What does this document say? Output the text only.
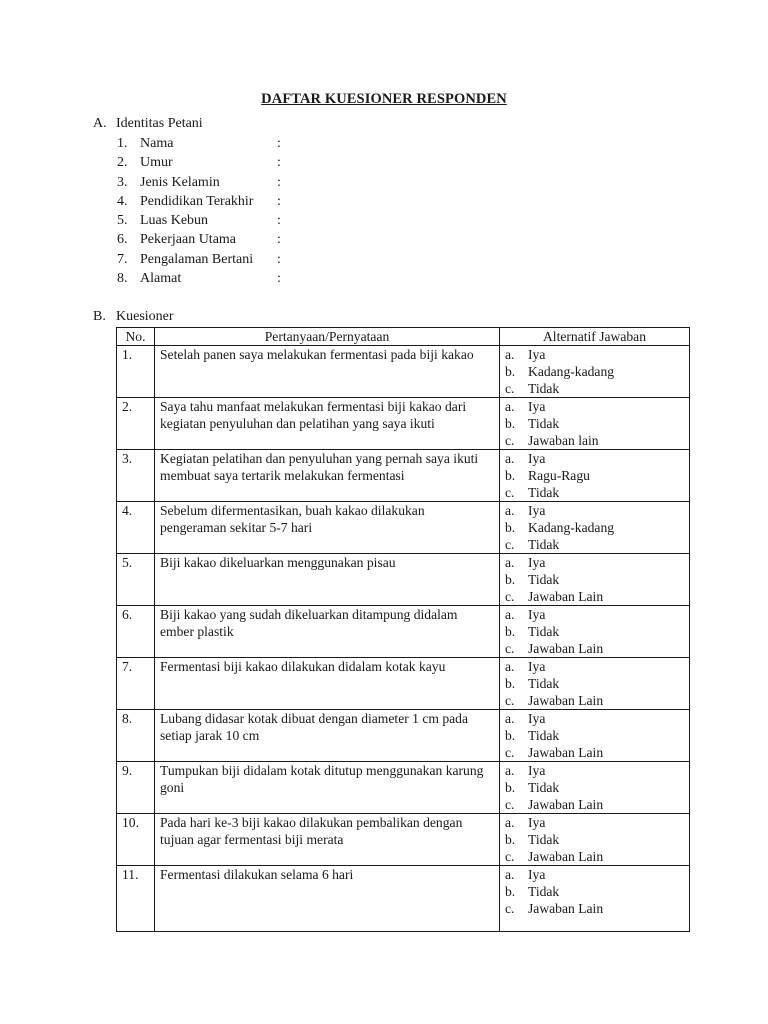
DAFTAR KUESIONER RESPONDEN
A. Identitas Petani
1. Nama	:
2. Umur	:
3. Jenis Kelamin	:
4. Pendidikan Terakhir :
5. Luas Kebun	:
6. Pekerjaan Utama	:
7. Pengalaman Bertani :
8. Alamat	:
B. Kuesioner
No.	Pertanyaan/Pernyataan	Alternatif Jawaban
1.	Setelah panen saya melakukan fermentasi pada biji kakao	a. Iya
b. Kadang-kadang
c. Tidak

2.	Saya tahu manfaat melakukan fermentasi biji kakao dari kegiatan penyuluhan dan pelatihan yang saya ikuti	a. Iya
b. Tidak
c. Jawaban lain

3.	Kegiatan pelatihan dan penyuluhan yang pernah saya ikuti membuat saya tertarik melakukan fermentasi	a. Iya
b. Ragu-Ragu
c. Tidak

4.	Sebelum difermentasikan, buah kakao dilakukan pengeraman sekitar 5-7 hari	a. Iya
b. Kadang-kadang
c. Tidak

5.	Biji kakao dikeluarkan menggunakan pisau	a. Iya
b. Tidak
c. Jawaban Lain

6.	Biji kakao yang sudah dikeluarkan ditampung didalam ember plastik	a. Iya
b. Tidak
c. Jawaban Lain

7.	Fermentasi biji kakao dilakukan didalam kotak kayu	a. Iya
b. Tidak
c. Jawaban Lain

8.	Lubang didasar kotak dibuat dengan diameter 1 cm pada setiap jarak 10 cm	a. Iya
b. Tidak
c. Jawaban Lain

9.	Tumpukan biji didalam kotak ditutup menggunakan karung goni	a. Iya
b. Tidak
c. Jawaban Lain

10.	Pada hari ke-3 biji kakao dilakukan pembalikan dengan tujuan agar fermentasi biji merata	a. Iya
b. Tidak
c. Jawaban Lain

11.	Fermentasi dilakukan selama 6 hari	a. Iya
b. Tidak
c. Jawaban Lain
